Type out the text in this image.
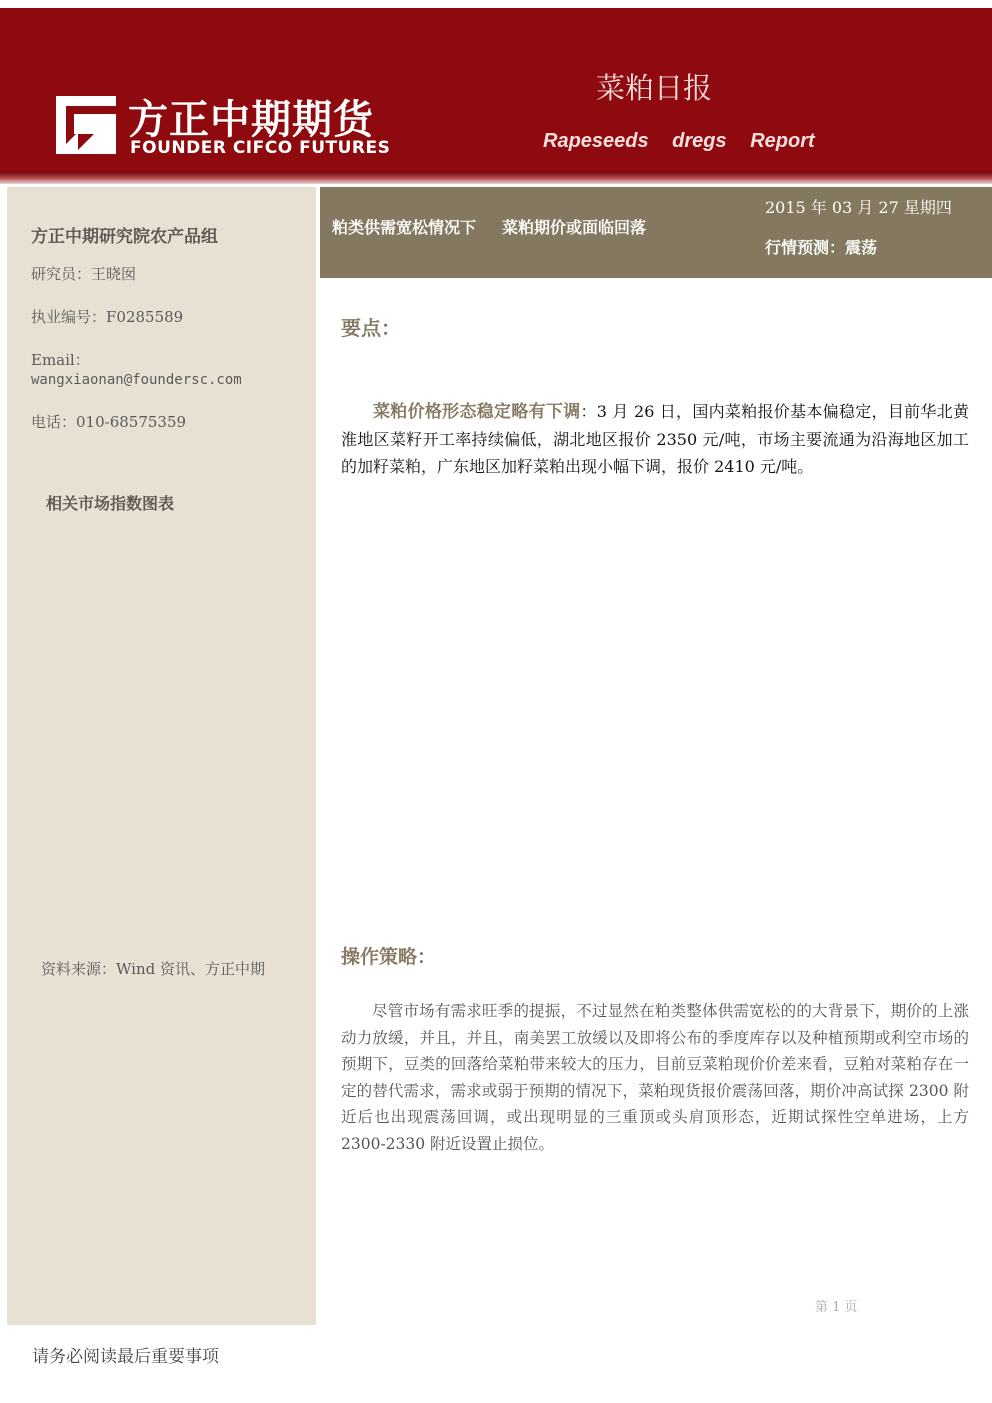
方正中期期货
FOUNDER CIFCO FUTURES
菜粕日报
Rapeseeds dregs Report
方正中期研究院农产品组
研究员：王晓囡
执业编号：F0285589
Email：
wangxiaonan@foundersc.com
电话：010-68575359
相关市场指数图表
资料来源：Wind 资讯、方正中期
粕类供需宽松情况下 菜粕期价或面临回落
2015 年 03 月 27 星期四
行情预测：震荡
要点：
菜粕价格形态稳定略有下调：3 月 26 日，国内菜粕报价基本偏稳定，目前华北黄淮地区菜籽开工率持续偏低，湖北地区报价 2350 元/吨，市场主要流通为沿海地区加工的加籽菜粕，广东地区加籽菜粕出现小幅下调，报价 2410 元/吨。
操作策略：
尽管市场有需求旺季的提振，不过显然在粕类整体供需宽松的的大背景下，期价的上涨动力放缓，并且，并且，南美罢工放缓以及即将公布的季度库存以及种植预期或利空市场的预期下，豆类的回落给菜粕带来较大的压力，目前豆菜粕现价价差来看，豆粕对菜粕存在一定的替代需求，需求或弱于预期的情况下，菜粕现货报价震荡回落，期价冲高试探 2300 附近后也出现震荡回调，或出现明显的三重顶或头肩顶形态，近期试探性空单进场，上方 2300-2330 附近设置止损位。
第 1 页
请务必阅读最后重要事项
